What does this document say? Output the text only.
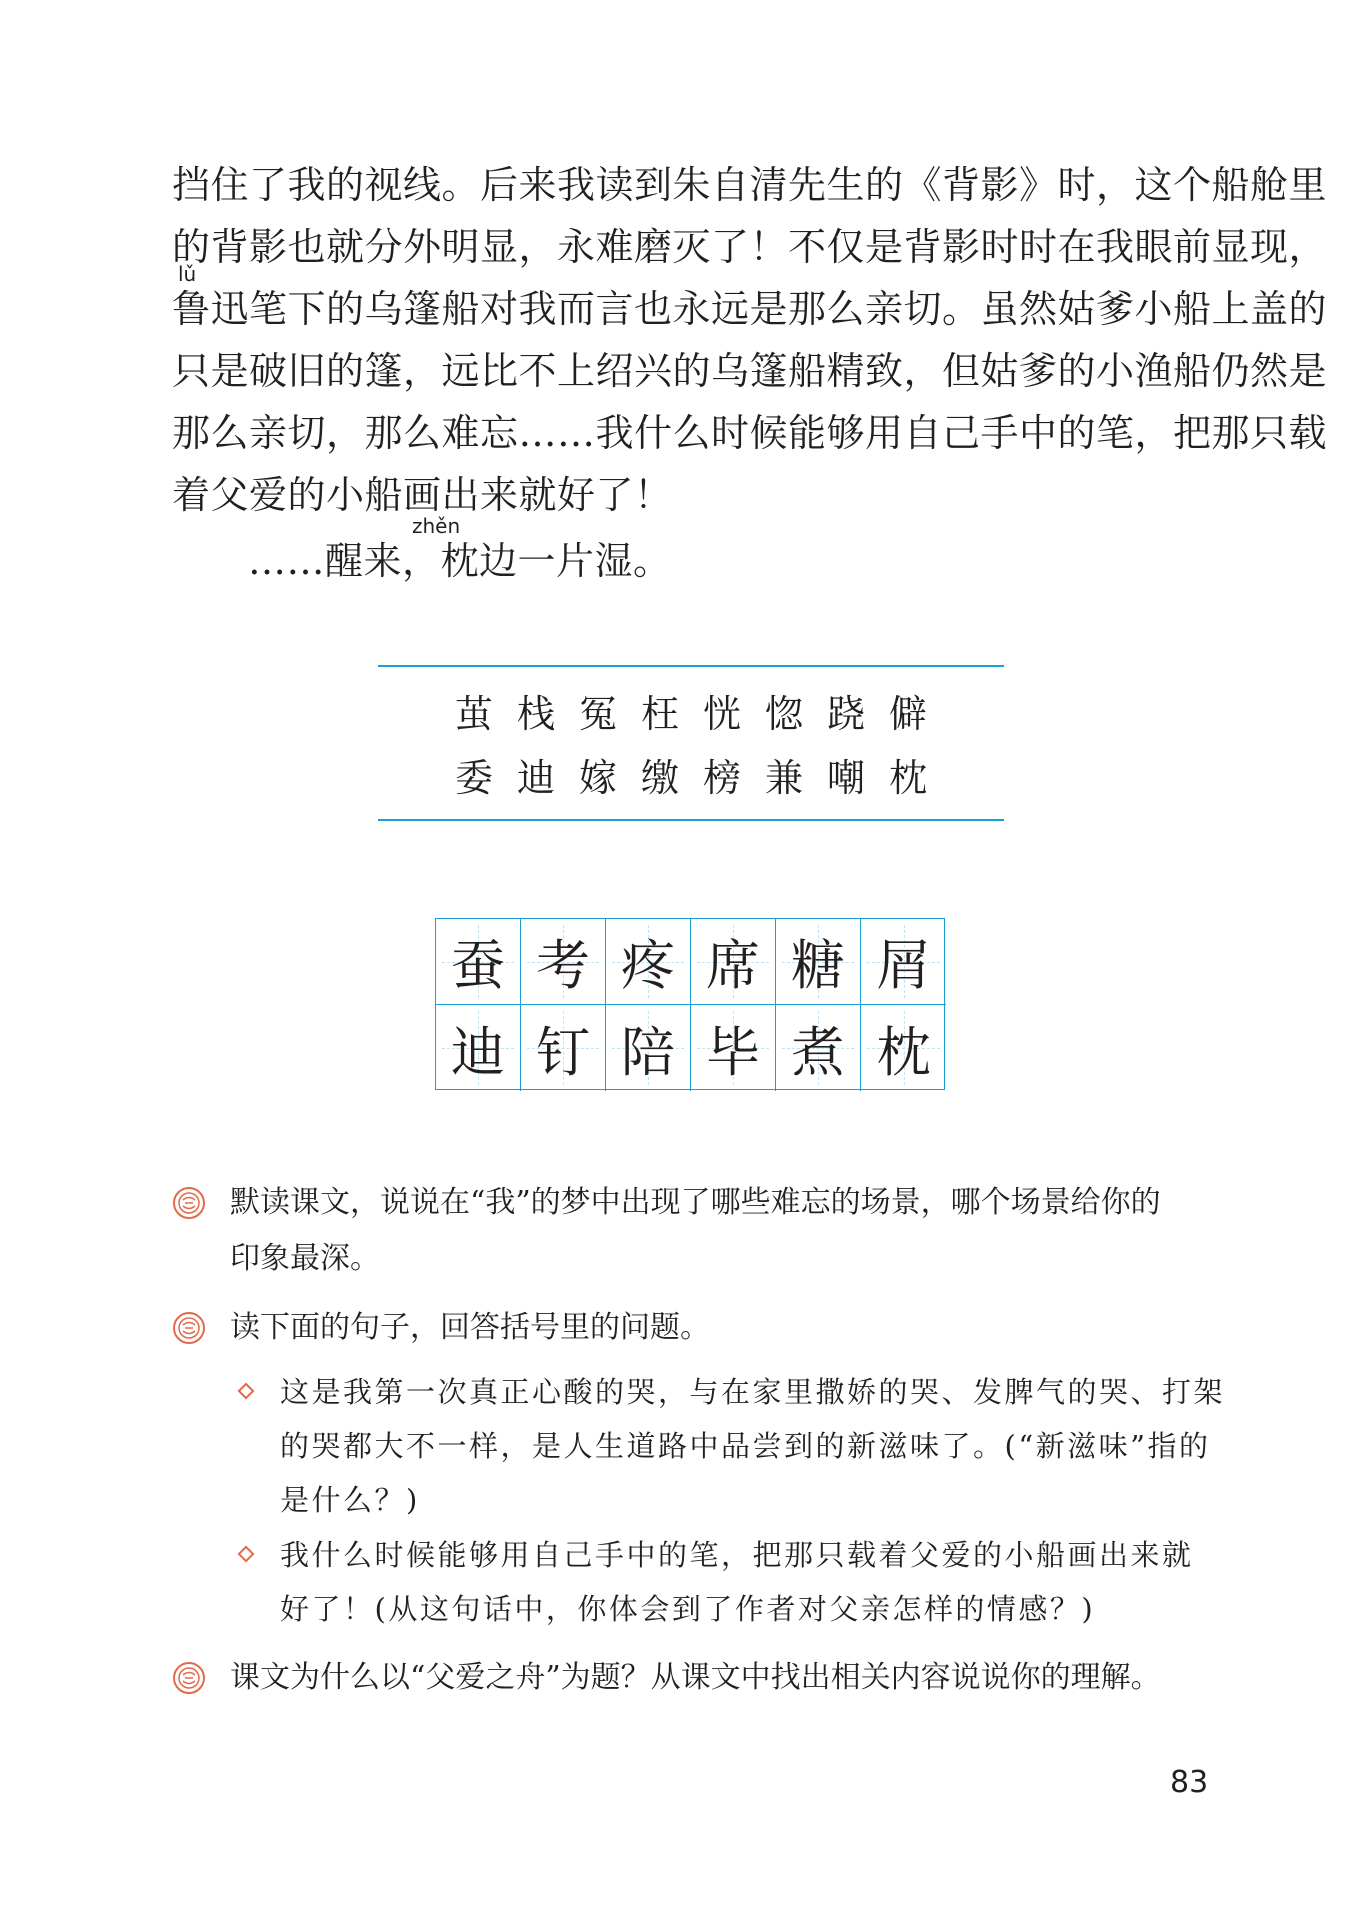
挡住了我的视线。后来我读到朱自清先生的《背影》时，这个船舱里
的背影也就分外明显，永难磨灭了！不仅是背影时时在我眼前显现，
lǔ
鲁迅笔下的乌篷船对我而言也永远是那么亲切。虽然姑爹小船上盖的
只是破旧的篷，远比不上绍兴的乌篷船精致，但姑爹的小渔船仍然是
那么亲切，那么难忘……我什么时候能够用自己手中的笔，把那只载
着父爱的小船画出来就好了！
zhěn
……醒来，枕边一片湿。
茧栈冤枉恍惚跷僻
委迪嫁缴榜兼嘲枕
蚕 考 疼 席 糖 屑
迪 钉 陪 毕 煮 枕
默读课文，说说在“我”的梦中出现了哪些难忘的场景，哪个场景给你的
印象最深。
读下面的句子，回答括号里的问题。
这是我第一次真正心酸的哭，与在家里撒娇的哭、发脾气的哭、打架
的哭都大不一样，是人生道路中品尝到的新滋味了。(“新滋味”指的
是什么？)
我什么时候能够用自己手中的笔，把那只载着父爱的小船画出来就
好了！(从这句话中，你体会到了作者对父亲怎样的情感？)
课文为什么以“父爱之舟”为题？从课文中找出相关内容说说你的理解。
83
